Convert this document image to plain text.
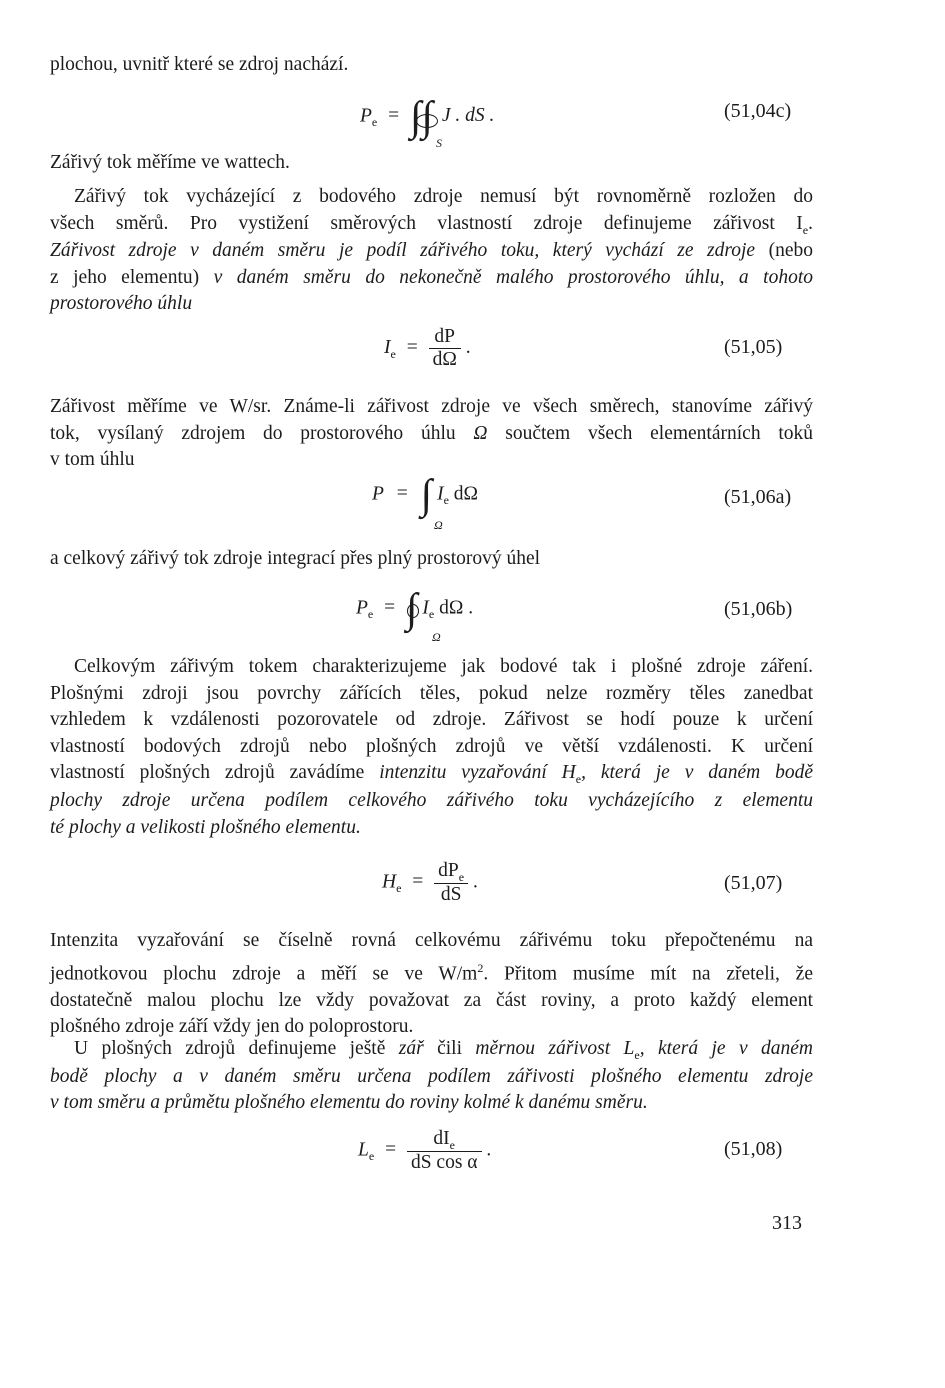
plochou, uvnitř které se zdroj nachází.

$P_e$ = ∫∫ J . dS .
S
(51,04c)

Zářivý tok měříme ve wattech.

Zářivý tok vycházející z bodového zdroje nemusí být rovnoměrně rozložen do
všech směrů. Pro vystižení směrových vlastností zdroje definujeme zářivost $I_e$.
Zářivost zdroje v daném směru je podíl zářivého toku, který vychází ze zdroje (nebo
z jeho elementu) v daném směru do nekonečně malého prostorového úhlu, a tohoto
prostorového úhlu

$I_e = \frac{dP}{d\Omega}$ .	(51,05)

Zářivost měříme ve W/sr. Známe-li zářivost zdroje ve všech směrech, stanovíme zářivý
tok, vysílaný zdrojem do prostorového úhlu Ω součtem všech elementárních toků
v tom úhlu

P = ∫ $I_e$ dΩ
Ω
(51,06a)

a celkový zářivý tok zdroje integrací přes plný prostorový úhel

$P_e$ = ∫ $I_e$ dΩ .
Ω
(51,06b)

Celkovým zářivým tokem charakterizujeme jak bodové tak i plošné zdroje záření.
Plošnými zdroji jsou povrchy zářících těles, pokud nelze rozměry těles zanedbat
vzhledem k vzdálenosti pozorovatele od zdroje. Zářivost se hodí pouze k určení
vlastností bodových zdrojů nebo plošných zdrojů ve větší vzdálenosti. K určení
vlastností plošných zdrojů zavádíme intenzitu vyzařování $H_e$, která je v daném bodě
plochy zdroje určena podílem celkového zářivého toku vycházejícího z elementu
té plochy a velikosti plošného elementu.

$H_e = \frac{dP_e}{dS}$ .	(51,07)

Intenzita vyzařování se číselně rovná celkovému zářivému toku přepočtenému na
jednotkovou plochu zdroje a měří se ve $W/m^2$. Přitom musíme mít na zřeteli, že
dostatečně malou plochu lze vždy považovat za část roviny, a proto každý element
plošného zdroje září vždy jen do poloprostoru.

U plošných zdrojů definujeme ještě zář čili měrnou zářivost $L_e$, která je v daném
bodě plochy a v daném směru určena podílem zářivosti plošného elementu zdroje
v tom směru a průmětu plošného elementu do roviny kolmé k danému směru.

$L_e = \frac{dI_e}{\text{dS cos α}}$ .	(51,08)
313
